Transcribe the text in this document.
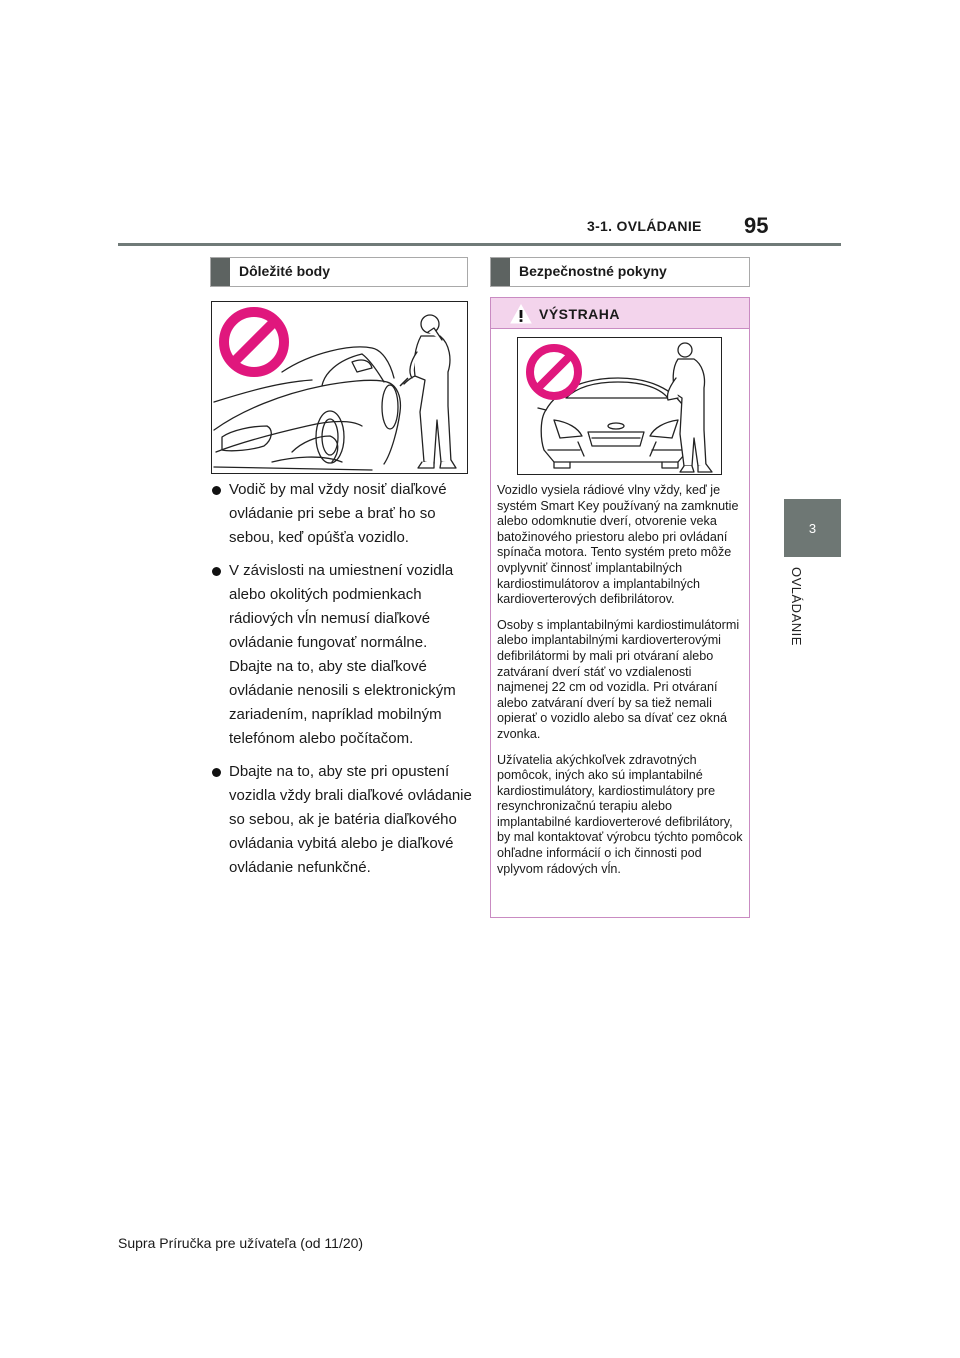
3-1. OVLÁDANIE 95
3
OVLÁDANIE
Dôležité body
Vodič by mal vždy nosiť diaľkové ovládanie pri sebe a brať ho so sebou, keď opúšťa vozidlo.
V závislosti na umiestnení vozidla alebo okolitých podmienkach rádiových vĺn nemusí diaľkové ovládanie fungovať normálne. Dbajte na to, aby ste diaľkové ovládanie nenosili s elektronickým zariadením, napríklad mobilným telefónom alebo počítačom.
Dbajte na to, aby ste pri opustení vozidla vždy brali diaľkové ovládanie so sebou, ak je batéria diaľkového ovládania vybitá alebo je diaľkové ovládanie nefunkčné.
Bezpečnostné pokyny
VÝSTRAHA

Vozidlo vysiela rádiové vlny vždy, keď je systém Smart Key používaný na zamknutie alebo odomknutie dverí, otvorenie veka batožinového priestoru alebo pri ovládaní spínača motora. Tento systém preto môže ovplyvniť činnosť implantabilných kardiostimulátorov a implantabilných kardioverterových defibrilátorov.

Osoby s implantabilnými kardiostimulátormi alebo implantabilnými kardioverterovými defibrilátormi by mali pri otváraní alebo zatváraní dverí stáť vo vzdialenosti najmenej 22 cm od vozidla. Pri otváraní alebo zatváraní dverí by sa tiež nemali opierať o vozidlo alebo sa dívať cez okná zvonka.

Užívatelia akýchkoľvek zdravotných pomôcok, iných ako sú implantabilné kardiostimulátory, kardiostimulátory pre resynchronizačnú terapiu alebo implantabilné kardioverterové defibrilátory, by mal kontaktovať výrobcu týchto pomôcok ohľadne informácií o ich činnosti pod vplyvom rádových vĺn.

Supra Príručka pre užívateľa (od 11/20)
